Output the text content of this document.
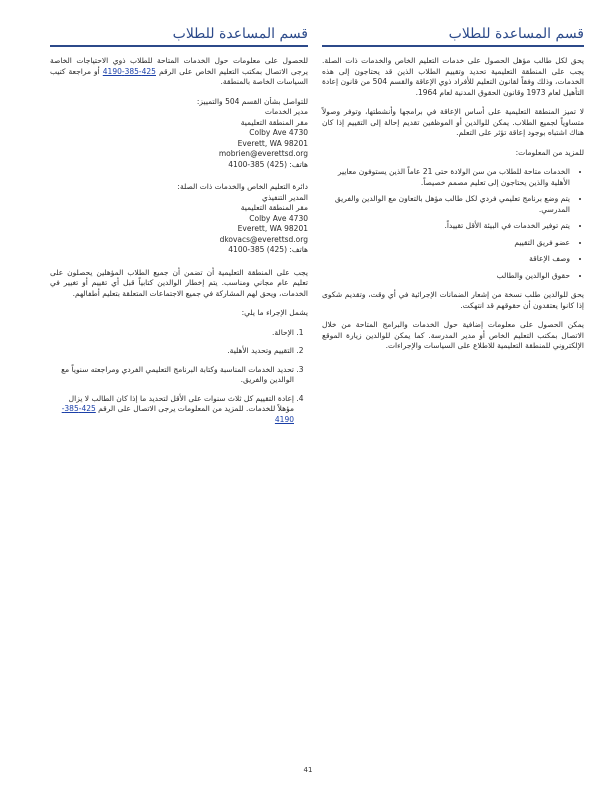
ﻗﺴﻢ ﺍﻟﻤﺴﺎﻋﺪﺓ ﻟﻠﻄﻼﺏ

ﻳﺤﻖ ﻟﻜﻞ ﻃﺎﻟﺐ ﻣﺆﻫﻞ ﺍﻟﺤﺼﻮﻝ ﻋﻠﻰ ﺧﺪﻣﺎﺕ ﺍﻟﺘﻌﻠﻴﻢ ﺍﻟﺨﺎﺹ ﻭﺍﻟﺨﺪﻣﺎﺕ ﺫﺍﺕ ﺍﻟﺼﻠﺔ. ﻳﺠﺐ ﻋﻠﻰ ﺍﻟﻤﻨﻄﻘﺔ ﺍﻟﺘﻌﻠﻴﻤﻴﺔ ﺗﺤﺪﻳﺪ ﻭﺗﻘﻴﻴﻢ ﺍﻟﻄﻼﺏ ﺍﻟﺬﻳﻦ ﻗﺪ ﻳﺤﺘﺎﺟﻮﻥ ﺇﻟﻰ ﻫﺬﻩ ﺍﻟﺨﺪﻣﺎﺕ، ﻭﺫﻟﻚ ﻭﻓﻘﺎً ﻟﻘﺎﻧﻮﻥ ﺍﻟﺘﻌﻠﻴﻢ ﻟﻸﻓﺮﺍﺩ ﺫﻭﻱ ﺍﻹﻋﺎﻗﺔ ﻭﺍﻟﻘﺴﻢ 504 ﻣﻦ ﻗﺎﻧﻮﻥ ﺇﻋﺎﺩﺓ ﺍﻟﺘﺄﻫﻴﻞ ﻟﻌﺎﻡ 1973 ﻭﻗﺎﻧﻮﻥ ﺍﻟﺤﻘﻮﻕ ﺍﻟﻤﺪﻧﻴﺔ ﻟﻌﺎﻡ 1964.

ﻻ ﺗﻤﻴﺰ ﺍﻟﻤﻨﻄﻘﺔ ﺍﻟﺘﻌﻠﻴﻤﻴﺔ ﻋﻠﻰ ﺃﺳﺎﺱ ﺍﻹﻋﺎﻗﺔ ﻓﻲ ﺑﺮﺍﻣﺠﻬﺎ ﻭﺃﻧﺸﻄﺘﻬﺎ، ﻭﺗﻮﻓﺮ ﻭﺻﻮﻻً ﻣﺘﺴﺎﻭﻳﺎً ﻟﺠﻤﻴﻊ ﺍﻟﻄﻼﺏ. ﻳﻤﻜﻦ ﻟﻠﻮﺍﻟﺪﻳﻦ ﺃﻭ ﺍﻟﻤﻮﻇﻔﻴﻦ ﺗﻘﺪﻳﻢ ﺇﺣﺎﻟﺔ ﺇﻟﻰ ﺍﻟﺘﻘﻴﻴﻢ ﺇﺫﺍ ﻛﺎﻥ ﻫﻨﺎﻙ ﺍﺷﺘﺒﺎﻩ ﺑﻮﺟﻮﺩ ﺇﻋﺎﻗﺔ ﺗﺆﺛﺮ ﻋﻠﻰ ﺍﻟﺘﻌﻠﻢ.

ﻟﻠﻤﺰﻳﺪ ﻣﻦ ﺍﻟﻤﻌﻠﻮﻣﺎﺕ:

• ﺍﻟﺨﺪﻣﺎﺕ ﻣﺘﺎﺣﺔ ﻟﻠﻄﻼﺏ ﻣﻦ ﺳﻦ ﺍﻟﻮﻻﺩﺓ ﺣﺘﻰ 21 ﻋﺎﻣﺎً ﺍﻟﺬﻳﻦ ﻳﺴﺘﻮﻓﻮﻥ ﻣﻌﺎﻳﻴﺮ ﺍﻷﻫﻠﻴﺔ ﻭﺍﻟﺬﻳﻦ ﻳﺤﺘﺎﺟﻮﻥ ﺇﻟﻰ ﺗﻌﻠﻴﻢ ﻣﺼﻤﻢ ﺧﺼﻴﺼﺎً.
• ﻳﺘﻢ ﻭﺿﻊ ﺑﺮﻧﺎﻣﺞ ﺗﻌﻠﻴﻤﻲ ﻓﺮﺩﻱ ﻟﻜﻞ ﻃﺎﻟﺐ ﻣﺆﻫﻞ ﺑﺎﻟﺘﻌﺎﻭﻥ ﻣﻊ ﺍﻟﻮﺍﻟﺪﻳﻦ ﻭﺍﻟﻔﺮﻳﻖ ﺍﻟﻤﺪﺭﺳﻲ.
• ﻳﺘﻢ ﺗﻮﻓﻴﺮ ﺍﻟﺨﺪﻣﺎﺕ ﻓﻲ ﺍﻟﺒﻴﺌﺔ ﺍﻷﻗﻞ ﺗﻘﻴﻴﺪﺍً.
• ﻋﻀﻮ ﻓﺮﻳﻖ ﺍﻟﺘﻘﻴﻴﻢ
• ﻭﺻﻒ ﺍﻹﻋﺎﻗﺔ
• ﺣﻘﻮﻕ ﺍﻟﻮﺍﻟﺪﻳﻦ ﻭﺍﻟﻄﺎﻟﺐ

ﻳﺤﻖ ﻟﻠﻮﺍﻟﺪﻳﻦ ﻃﻠﺐ ﻧﺴﺨﺔ ﻣﻦ ﺇﺷﻌﺎﺭ ﺍﻟﻀﻤﺎﻧﺎﺕ ﺍﻹﺟﺮﺍﺋﻴﺔ ﻓﻲ ﺃﻱ ﻭﻗﺖ، ﻭﺗﻘﺪﻳﻢ ﺷﻜﻮﻯ ﺇﺫﺍ ﻛﺎﻧﻮﺍ ﻳﻌﺘﻘﺪﻭﻥ ﺃﻥ ﺣﻘﻮﻗﻬﻢ ﻗﺪ ﺍﻧﺘﻬﻜﺖ.

ﻳﻤﻜﻦ ﺍﻟﺤﺼﻮﻝ ﻋﻠﻰ ﻣﻌﻠﻮﻣﺎﺕ ﺇﺿﺎﻓﻴﺔ ﺣﻮﻝ ﺍﻟﺨﺪﻣﺎﺕ ﻭﺍﻟﺒﺮﺍﻣﺞ ﺍﻟﻤﺘﺎﺣﺔ ﻣﻦ ﺧﻼﻝ ﺍﻻﺗﺼﺎﻝ ﺑﻤﻜﺘﺐ ﺍﻟﺘﻌﻠﻴﻢ ﺍﻟﺨﺎﺹ ﺃﻭ ﻣﺪﻳﺮ ﺍﻟﻤﺪﺭﺳﺔ. ﻛﻤﺎ ﻳﻤﻜﻦ ﻟﻠﻮﺍﻟﺪﻳﻦ ﺯﻳﺎﺭﺓ ﺍﻟﻤﻮﻗﻊ ﺍﻹﻟﻜﺘﺮﻭﻧﻲ ﻟﻠﻤﻨﻄﻘﺔ ﺍﻟﺘﻌﻠﻴﻤﻴﺔ ﻟﻼﻃﻼﻉ ﻋﻠﻰ ﺍﻟﺴﻴﺎﺳﺎﺕ ﻭﺍﻹﺟﺮﺍﺀﺍﺕ.

ﻗﺴﻢ ﺍﻟﻤﺴﺎﻋﺪﺓ ﻟﻠﻄﻼﺏ

ﻟﻠﺤﺼﻮﻝ ﻋﻠﻰ ﻣﻌﻠﻮﻣﺎﺕ ﺣﻮﻝ ﺍﻟﺨﺪﻣﺎﺕ ﺍﻟﻤﺘﺎﺣﺔ ﻟﻠﻄﻼﺏ ﺫﻭﻱ ﺍﻻﺣﺘﻴﺎﺟﺎﺕ ﺍﻟﺨﺎﺻﺔ ﻳﺮﺟﻰ ﺍﻻﺗﺼﺎﻝ ﺑﻤﻜﺘﺐ ﺍﻟﺘﻌﻠﻴﻢ ﺍﻟﺨﺎﺹ ﻋﻠﻰ ﺍﻟﺮﻗﻢ 425-385-4190 ﺃﻭ ﻣﺮﺍﺟﻌﺔ ﻛﺘﻴﺐ ﺍﻟﺴﻴﺎﺳﺎﺕ ﺍﻟﺨﺎﺻﺔ ﺑﺎﻟﻤﻨﻄﻘﺔ.

ﻟﻠﺘﻮﺍﺻﻞ ﺑﺸﺄﻥ ﺍﻟﻘﺴﻢ 504 ﻭﺍﻟﺘﻤﻴﻴﺰ:
ﻣﺪﻳﺮ ﺍﻟﺨﺪﻣﺎﺕ
ﻣﻘﺮ ﺍﻟﻤﻨﻄﻘﺔ ﺍﻟﺘﻌﻠﻴﻤﻴﺔ
4730 Colby Ave
Everett, WA 98201
mobrien@everettsd.org
ﻫﺎﺗﻒ: (425) 385-4100
ﺩﺍﺋﺮﺓ ﺍﻟﺘﻌﻠﻴﻢ ﺍﻟﺨﺎﺹ ﻭﺍﻟﺨﺪﻣﺎﺕ ﺫﺍﺕ ﺍﻟﺼﻠﺔ:
ﺍﻟﻤﺪﻳﺮ ﺍﻟﺘﻨﻔﻴﺬﻱ
ﻣﻘﺮ ﺍﻟﻤﻨﻄﻘﺔ ﺍﻟﺘﻌﻠﻴﻤﻴﺔ
4730 Colby Ave
Everett, WA 98201
dkovacs@everettsd.org
ﻫﺎﺗﻒ: (425) 385-4100

ﻳﺠﺐ ﻋﻠﻰ ﺍﻟﻤﻨﻄﻘﺔ ﺍﻟﺘﻌﻠﻴﻤﻴﺔ ﺃﻥ ﺗﻀﻤﻦ ﺃﻥ ﺟﻤﻴﻊ ﺍﻟﻄﻼﺏ ﺍﻟﻤﺆﻫﻠﻴﻦ ﻳﺤﺼﻠﻮﻥ ﻋﻠﻰ ﺗﻌﻠﻴﻢ ﻋﺎﻡ ﻣﺠﺎﻧﻲ ﻭﻣﻨﺎﺳﺐ. ﻳﺘﻢ ﺇﺧﻄﺎﺭ ﺍﻟﻮﺍﻟﺪﻳﻦ ﻛﺘﺎﺑﻴﺎً ﻗﺒﻞ ﺃﻱ ﺗﻘﻴﻴﻢ ﺃﻭ ﺗﻐﻴﻴﺮ ﻓﻲ ﺍﻟﺨﺪﻣﺎﺕ، ﻭﻳﺤﻖ ﻟﻬﻢ ﺍﻟﻤﺸﺎﺭﻛﺔ ﻓﻲ ﺟﻤﻴﻊ ﺍﻻﺟﺘﻤﺎﻋﺎﺕ ﺍﻟﻤﺘﻌﻠﻘﺔ ﺑﺘﻌﻠﻴﻢ ﺃﻃﻔﺎﻟﻬﻢ.

ﻳﺸﻤﻞ ﺍﻹﺟﺮﺍﺀ ﻣﺎ ﻳﻠﻲ:

1. ﺍﻹﺣﺎﻟﺔ.
2. ﺍﻟﺘﻘﻴﻴﻢ ﻭﺗﺤﺪﻳﺪ ﺍﻷﻫﻠﻴﺔ.
3. ﺗﺤﺪﻳﺪ ﺍﻟﺨﺪﻣﺎﺕ ﺍﻟﻤﻨﺎﺳﺒﺔ ﻭﻛﺘﺎﺑﺔ ﺍﻟﺒﺮﻧﺎﻣﺞ ﺍﻟﺘﻌﻠﻴﻤﻲ ﺍﻟﻔﺮﺩﻱ ﻭﻣﺮﺍﺟﻌﺘﻪ ﺳﻨﻮﻳﺎً ﻣﻊ ﺍﻟﻮﺍﻟﺪﻳﻦ ﻭﺍﻟﻔﺮﻳﻖ.
4. ﺇﻋﺎﺩﺓ ﺍﻟﺘﻘﻴﻴﻢ ﻛﻞ ﺛﻼﺙ ﺳﻨﻮﺍﺕ ﻋﻠﻰ ﺍﻷﻗﻞ ﻟﺘﺤﺪﻳﺪ ﻣﺎ ﺇﺫﺍ ﻛﺎﻥ ﺍﻟﻄﺎﻟﺐ ﻻ ﻳﺰﺍﻝ ﻣﺆﻫﻼً ﻟﻠﺨﺪﻣﺎﺕ. ﻟﻠﻤﺰﻳﺪ ﻣﻦ ﺍﻟﻤﻌﻠﻮﻣﺎﺕ ﻳﺮﺟﻰ ﺍﻻﺗﺼﺎﻝ ﻋﻠﻰ ﺍﻟﺮﻗﻢ 425-385-4190
41
